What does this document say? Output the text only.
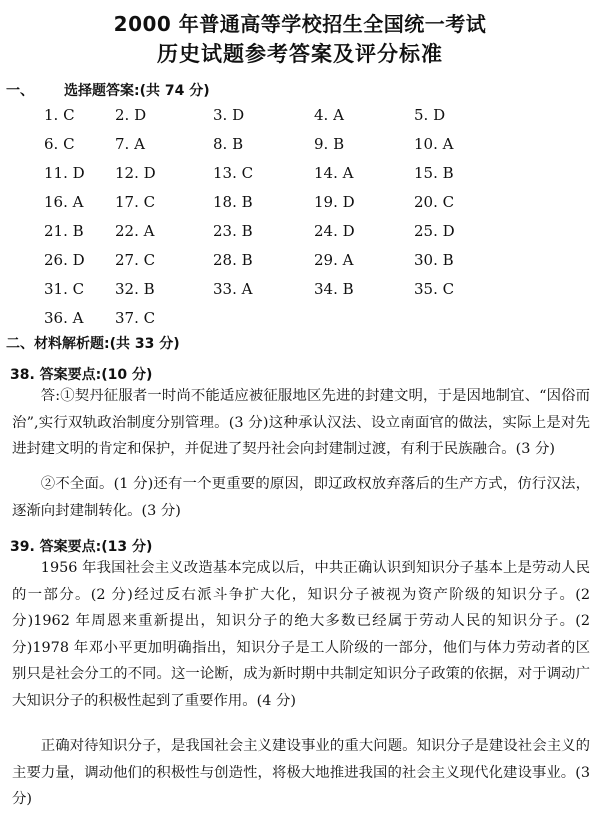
2000 年普通高等学校招生全国统一考试
历史试题参考答案及评分标准
一、 选择题答案:(共 74 分)
1. C	2. D	3. D	4. A	5. D
6. C	7. A	8. B	9. B	10. A
11. D 12. D	13. C	14. A	15. B
16. A 17. C	18. B	19. D	20. C
21. B 22. A	23. B	24. D	25. D
26. D 27. C	28. B	29. A	30. B
31. C 32. B	33. A	34. B	35. C
36. A 37. C
二、材料解析题:(共 33 分)
38. 答案要点:(10 分)
答:①契丹征服者一时尚不能适应被征服地区先进的封建文明，于是因地制宜、“因俗而治”,实行双轨政治制度分别管理。(3 分)这种承认汉法、设立南面官的做法，实际上是对先进封建文明的肯定和保护，并促进了契丹社会向封建制过渡，有利于民族融合。(3 分)
②不全面。(1 分)还有一个更重要的原因，即辽政权放弃落后的生产方式，仿行汉法，逐渐向封建制转化。(3 分)
39. 答案要点:(13 分)
1956 年我国社会主义改造基本完成以后，中共正确认识到知识分子基本上是劳动人民的一部分。(2 分)经过反右派斗争扩大化，知识分子被视为资产阶级的知识分子。(2 分)1962 年周恩来重新提出，知识分子的绝大多数已经属于劳动人民的知识分子。(2 分)1978 年邓小平更加明确指出，知识分子是工人阶级的一部分，他们与体力劳动者的区别只是社会分工的不同。这一论断，成为新时期中共制定知识分子政策的依据，对于调动广大知识分子的积极性起到了重要作用。(4 分)
正确对待知识分子，是我国社会主义建设事业的重大问题。知识分子是建设社会主义的主要力量，调动他们的积极性与创造性，将极大地推进我国的社会主义现代化建设事业。(3 分)
